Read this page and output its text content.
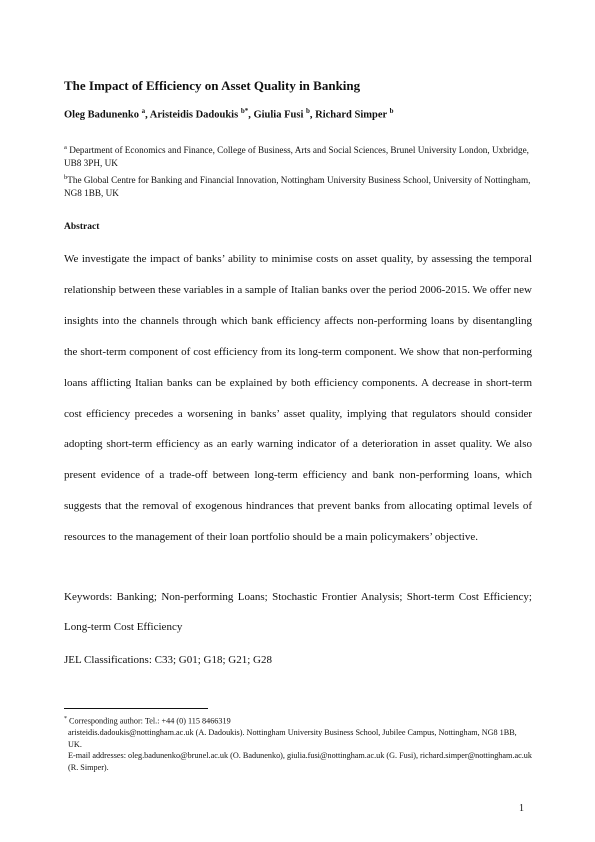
The Impact of Efficiency on Asset Quality in Banking
Oleg Badunenko $^a$, Aristeidis Dadoukis $^{b*}$, Giulia Fusi $^b$, Richard Simper $^b$
$^a$ Department of Economics and Finance, College of Business, Arts and Social Sciences, Brunel University London, Uxbridge, UB8 3PH, UK
$^b$The Global Centre for Banking and Financial Innovation, Nottingham University Business School, University of Nottingham, NG8 1BB, UK
Abstract

We investigate the impact of banks’ ability to minimise costs on asset quality, by assessing the temporal relationship between these variables in a sample of Italian banks over the period 2006-2015. We offer new insights into the channels through which bank efficiency affects non-performing loans by disentangling the short-term component of cost efficiency from its long-term component. We show that non-performing loans afflicting Italian banks can be explained by both efficiency components. A decrease in short-term cost efficiency precedes a worsening in banks’ asset quality, implying that regulators should consider adopting short-term efficiency as an early warning indicator of a deterioration in asset quality. We also present evidence of a trade-off between long-term efficiency and bank non-performing loans, which suggests that the removal of exogenous hindrances that prevent banks from allocating optimal levels of resources to the management of their loan portfolio should be a main policymakers’ objective.

Keywords: Banking; Non-performing Loans; Stochastic Frontier Analysis; Short-term Cost Efficiency; Long-term Cost Efficiency

JEL Classifications: C33; G01; G18; G21; G28

* Corresponding author: Tel.: +44 (0) 115 8466319

aristeidis.dadoukis@nottingham.ac.uk (A. Dadoukis). Nottingham University Business School, Jubilee Campus, Nottingham, NG8 1BB, UK.

E-mail addresses: oleg.badunenko@brunel.ac.uk (O. Badunenko), giulia.fusi@nottingham.ac.uk (G. Fusi), richard.simper@nottingham.ac.uk (R. Simper).

1
